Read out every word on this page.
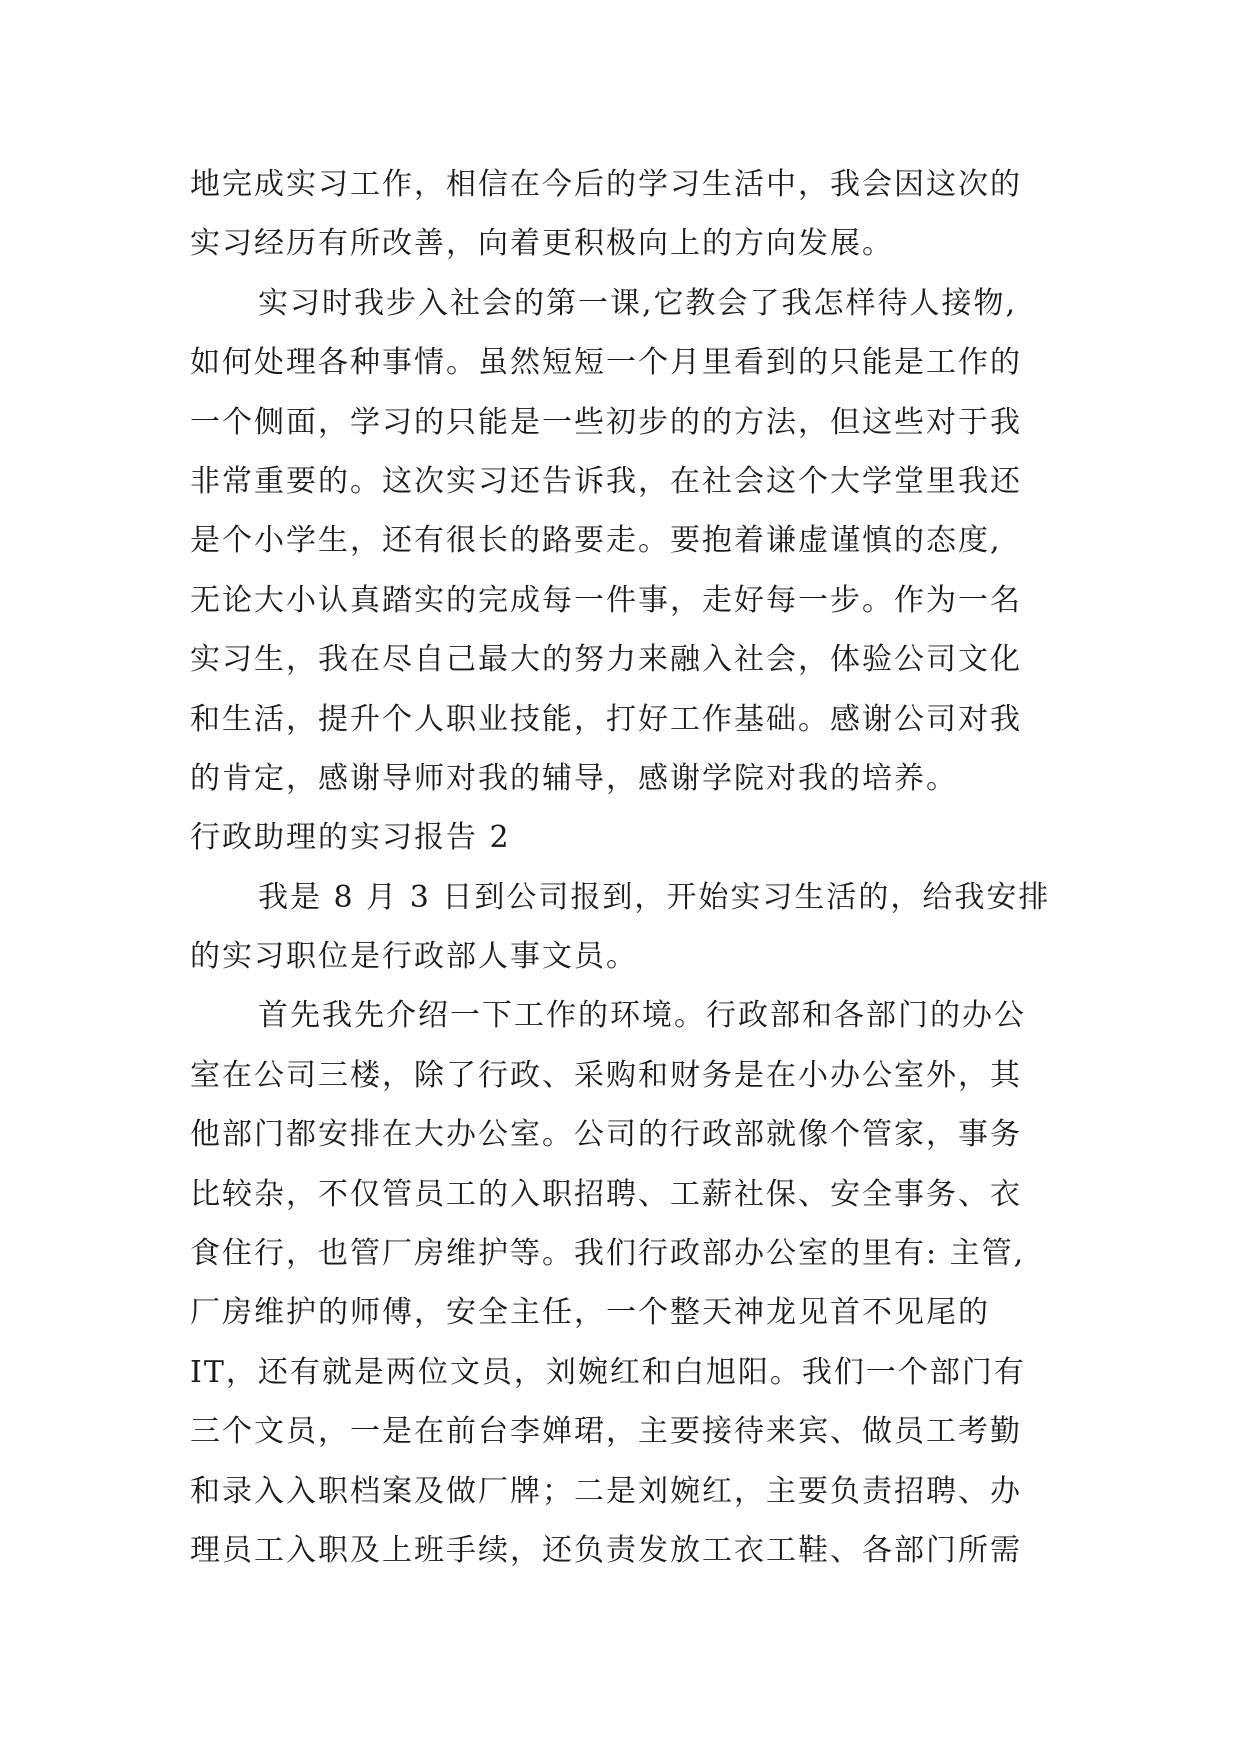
地完成实习工作，相信在今后的学习生活中，我会因这次的
实习经历有所改善，向着更积极向上的方向发展。
实习时我步入社会的第一课,它教会了我怎样待人接物,
如何处理各种事情。虽然短短一个月里看到的只能是工作的
一个侧面，学习的只能是一些初步的的方法，但这些对于我
非常重要的。这次实习还告诉我，在社会这个大学堂里我还
是个小学生，还有很长的路要走。要抱着谦虚谨慎的态度,
无论大小认真踏实的完成每一件事，走好每一步。作为一名
实习生，我在尽自己最大的努力来融入社会，体验公司文化
和生活，提升个人职业技能，打好工作基础。感谢公司对我
的肯定，感谢导师对我的辅导，感谢学院对我的培养。
行政助理的实习报告 2
我是 8 月 3 日到公司报到，开始实习生活的，给我安排
的实习职位是行政部人事文员。
首先我先介绍一下工作的环境。行政部和各部门的办公
室在公司三楼，除了行政、采购和财务是在小办公室外，其
他部门都安排在大办公室。公司的行政部就像个管家，事务
比较杂，不仅管员工的入职招聘、工薪社保、安全事务、衣
食住行，也管厂房维护等。我们行政部办公室的里有: 主管,
厂房维护的师傅，安全主任，一个整天神龙见首不见尾的
IT，还有就是两位文员，刘婉红和白旭阳。我们一个部门有
三个文员，一是在前台李婵珺，主要接待来宾、做员工考勤
和录入入职档案及做厂牌；二是刘婉红，主要负责招聘、办
理员工入职及上班手续，还负责发放工衣工鞋、各部门所需
